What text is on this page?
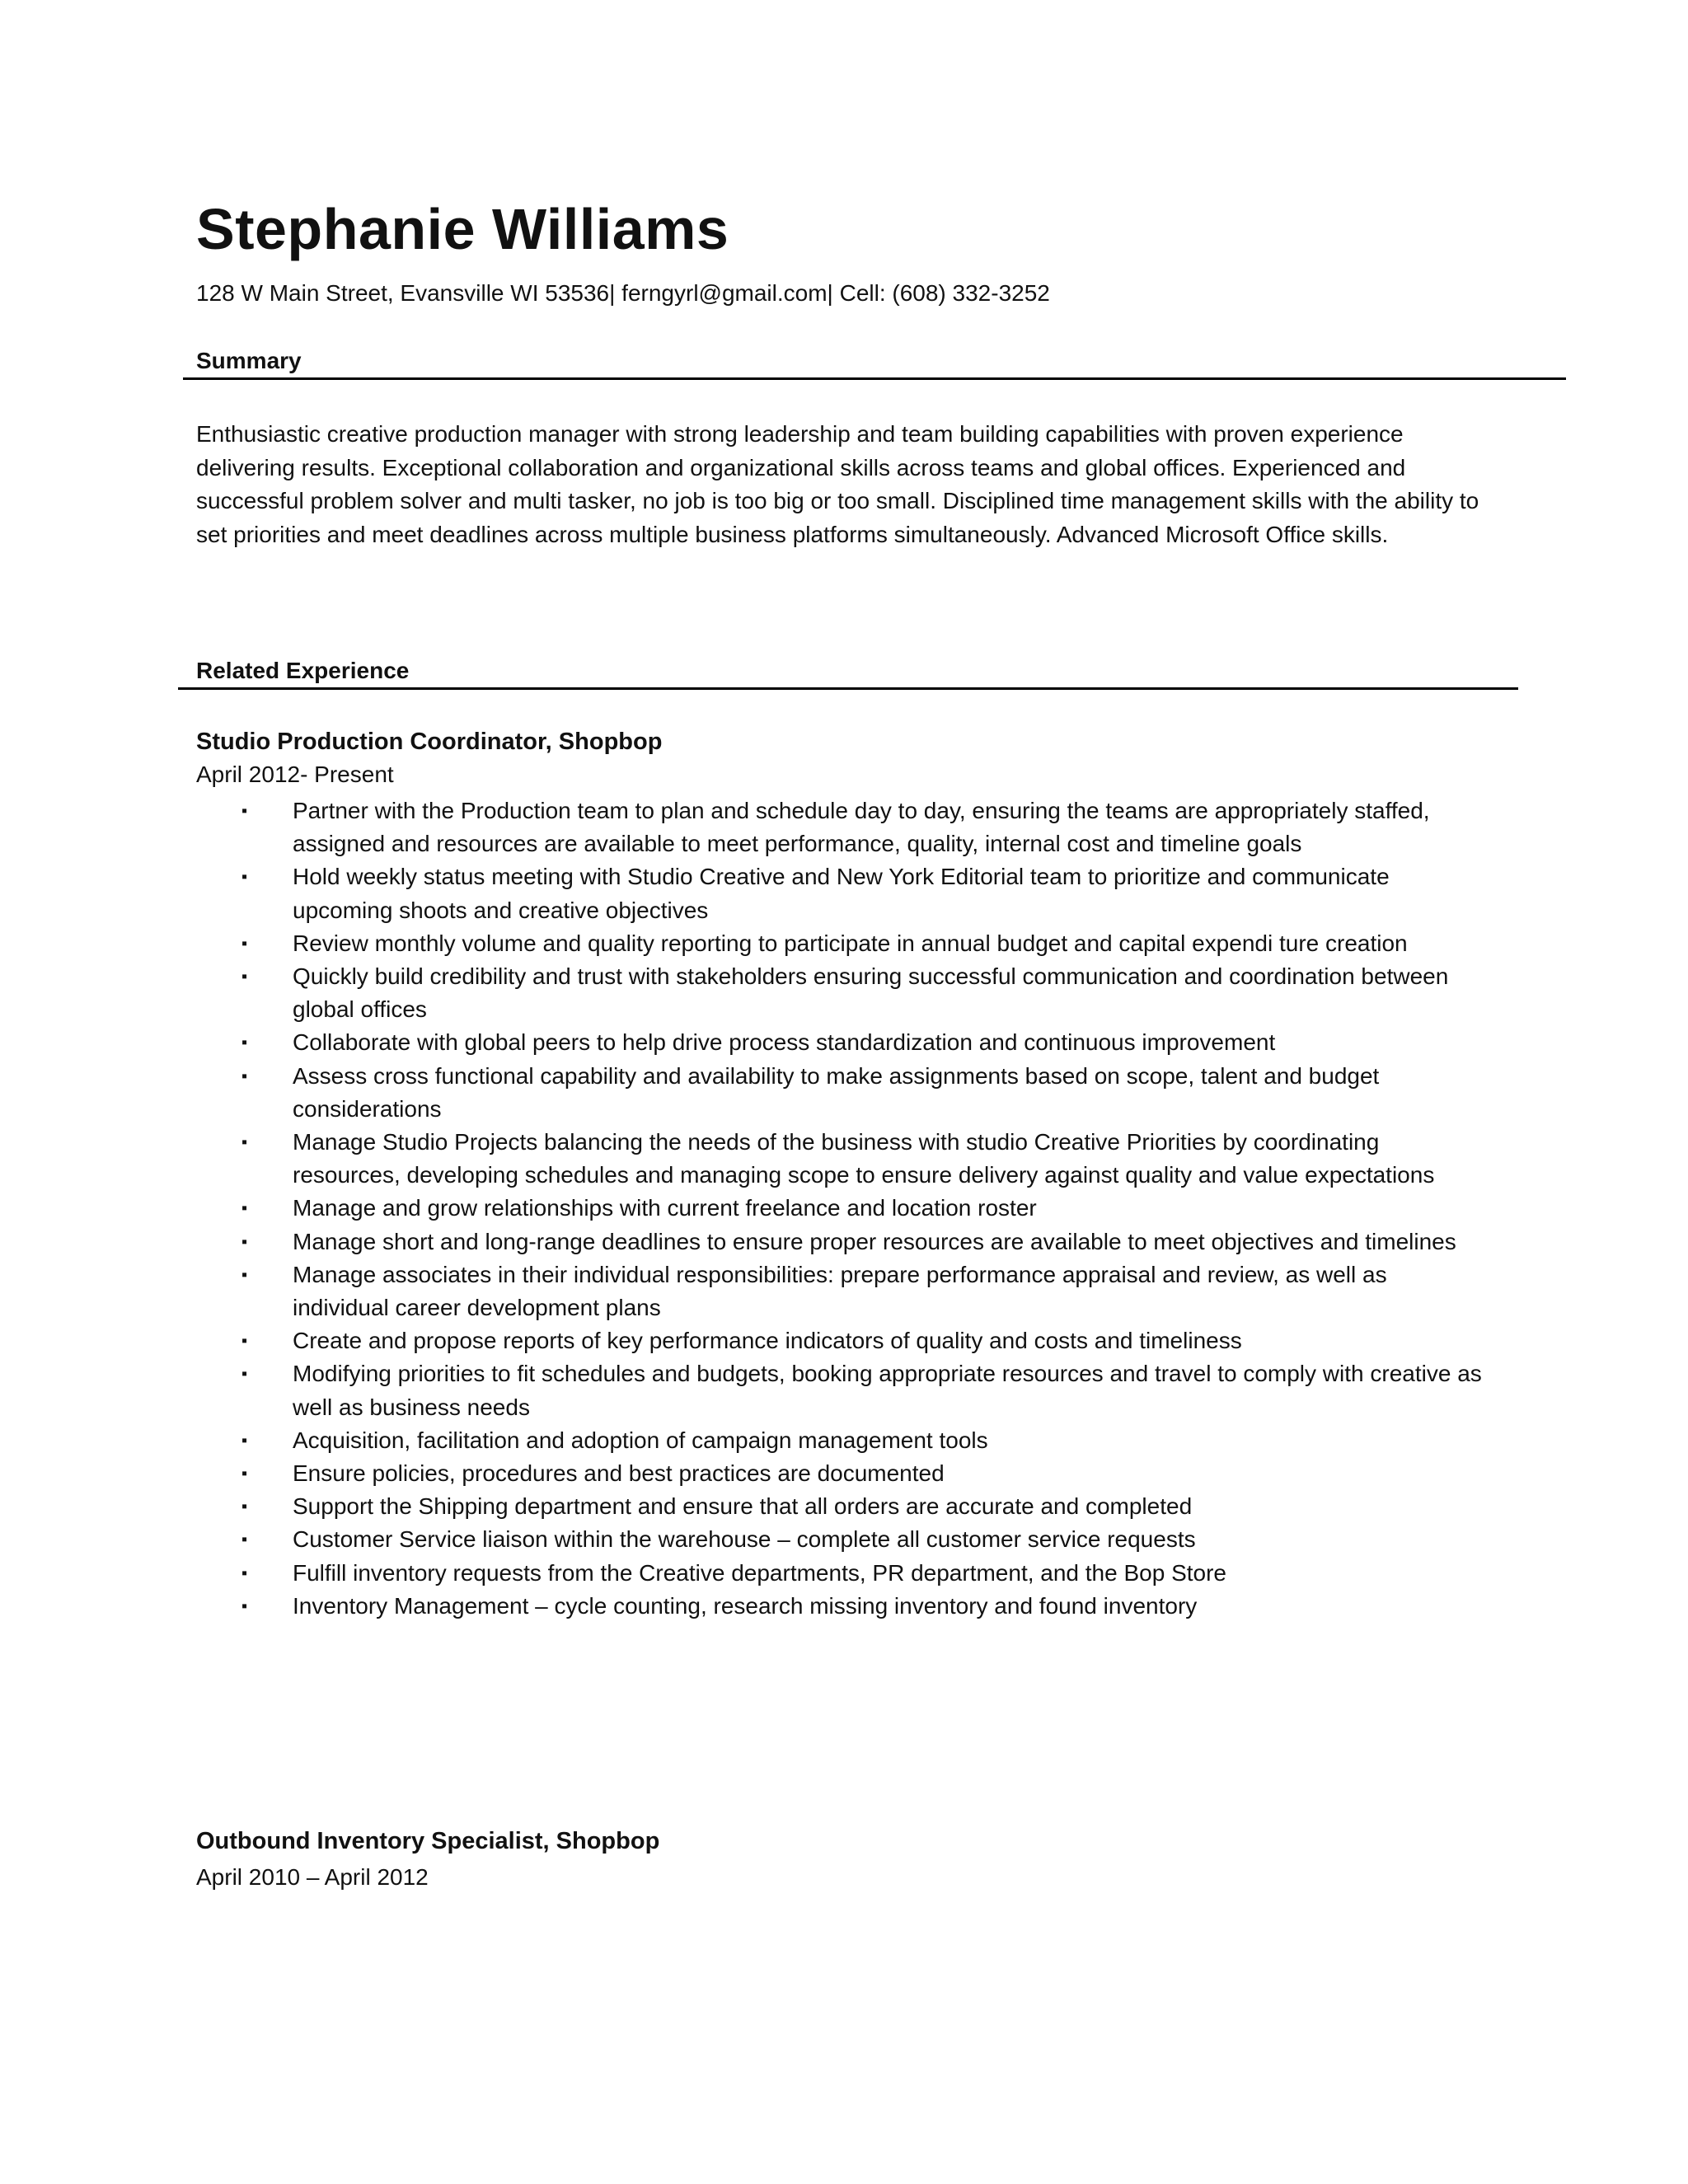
Stephanie Williams
128 W Main Street, Evansville WI 53536| ferngyrl@gmail.com| Cell: (608) 332-3252
Summary

Enthusiastic creative production manager with strong leadership and team building capabilities with proven experience delivering results. Exceptional collaboration and organizational skills across teams and global offices. Experienced and successful problem solver and multi tasker, no job is too big or too small. Disciplined time management skills with the ability to set priorities and meet deadlines across multiple business platforms simultaneously. Advanced Microsoft Office skills.

Related Experience
Studio Production Coordinator, Shopbop
April 2012- Present
▪ Partner with the Production team to plan and schedule day to day, ensuring the teams are appropriately staffed, assigned and resources are available to meet performance, quality, internal cost and timeline goals
▪ Hold weekly status meeting with Studio Creative and New York Editorial team to prioritize and communicate upcoming shoots and creative objectives
▪ Review monthly volume and quality reporting to participate in annual budget and capital expendi ture creation
▪ Quickly build credibility and trust with stakeholders ensuring successful communication and coordination between global offices
▪ Collaborate with global peers to help drive process standardization and continuous improvement
▪ Assess cross functional capability and availability to make assignments based on scope, talent and budget considerations
▪ Manage Studio Projects balancing the needs of the business with studio Creative Priorities by coordinating resources, developing schedules and managing scope to ensure delivery against quality and value expectations
▪ Manage and grow relationships with current freelance and location roster
▪ Manage short and long-range deadlines to ensure proper resources are available to meet objectives and timelines
▪ Manage associates in their individual responsibilities: prepare performance appraisal and review, as well as individual career development plans
▪ Create and propose reports of key performance indicators of quality and costs and timeliness
▪ Modifying priorities to fit schedules and budgets, booking appropriate resources and travel to comply with creative as well as business needs
▪ Acquisition, facilitation and adoption of campaign management tools
▪ Ensure policies, procedures and best practices are documented
▪ Support the Shipping department and ensure that all orders are accurate and completed
▪ Customer Service liaison within the warehouse – complete all customer service requests
▪ Fulfill inventory requests from the Creative departments, PR department, and the Bop Store
▪ Inventory Management – cycle counting, research missing inventory and found inventory
Outbound Inventory Specialist, Shopbop
April 2010 – April 2012
